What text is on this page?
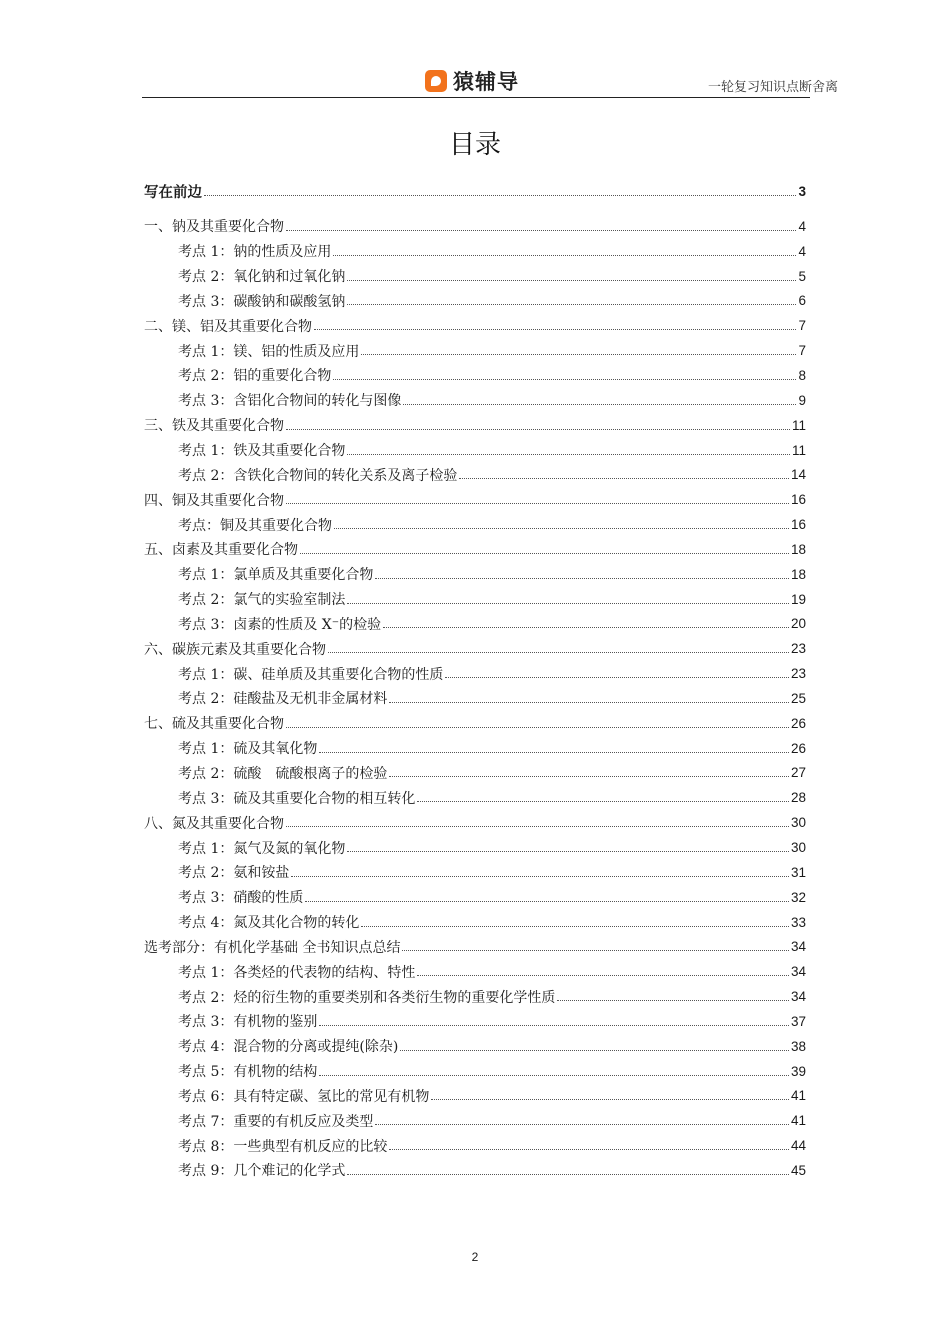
猿辅导	一轮复习知识点断舍离
目录
写在前边	3
一、钠及其重要化合物	4
考点 1：钠的性质及应用	4
考点 2：氧化钠和过氧化钠	5
考点 3：碳酸钠和碳酸氢钠	6
二、镁、铝及其重要化合物	7
考点 1：镁、铝的性质及应用	7
考点 2：铝的重要化合物	8
考点 3：含铝化合物间的转化与图像	9
三、铁及其重要化合物	11
考点 1：铁及其重要化合物	11
考点 2：含铁化合物间的转化关系及离子检验	14
四、铜及其重要化合物	16
考点：铜及其重要化合物	16
五、卤素及其重要化合物	18
考点 1：氯单质及其重要化合物	18
考点 2：氯气的实验室制法	19
考点 3：卤素的性质及 X⁻的检验	20
六、碳族元素及其重要化合物	23
考点 1：碳、硅单质及其重要化合物的性质	23
考点 2：硅酸盐及无机非金属材料	25
七、硫及其重要化合物	26
考点 1：硫及其氧化物	26
考点 2：硫酸　硫酸根离子的检验	27
考点 3：硫及其重要化合物的相互转化	28
八、氮及其重要化合物	30
考点 1：氮气及氮的氧化物	30
考点 2：氨和铵盐	31
考点 3：硝酸的性质	32
考点 4：氮及其化合物的转化	33
选考部分：有机化学基础 全书知识点总结	34
考点 1：各类烃的代表物的结构、特性	34
考点 2：烃的衍生物的重要类别和各类衍生物的重要化学性质	34
考点 3：有机物的鉴别	37
考点 4：混合物的分离或提纯(除杂)	38
考点 5：有机物的结构	39
考点 6：具有特定碳、氢比的常见有机物	41
考点 7：重要的有机反应及类型	41
考点 8：一些典型有机反应的比较	44
考点 9：几个难记的化学式	45
2
